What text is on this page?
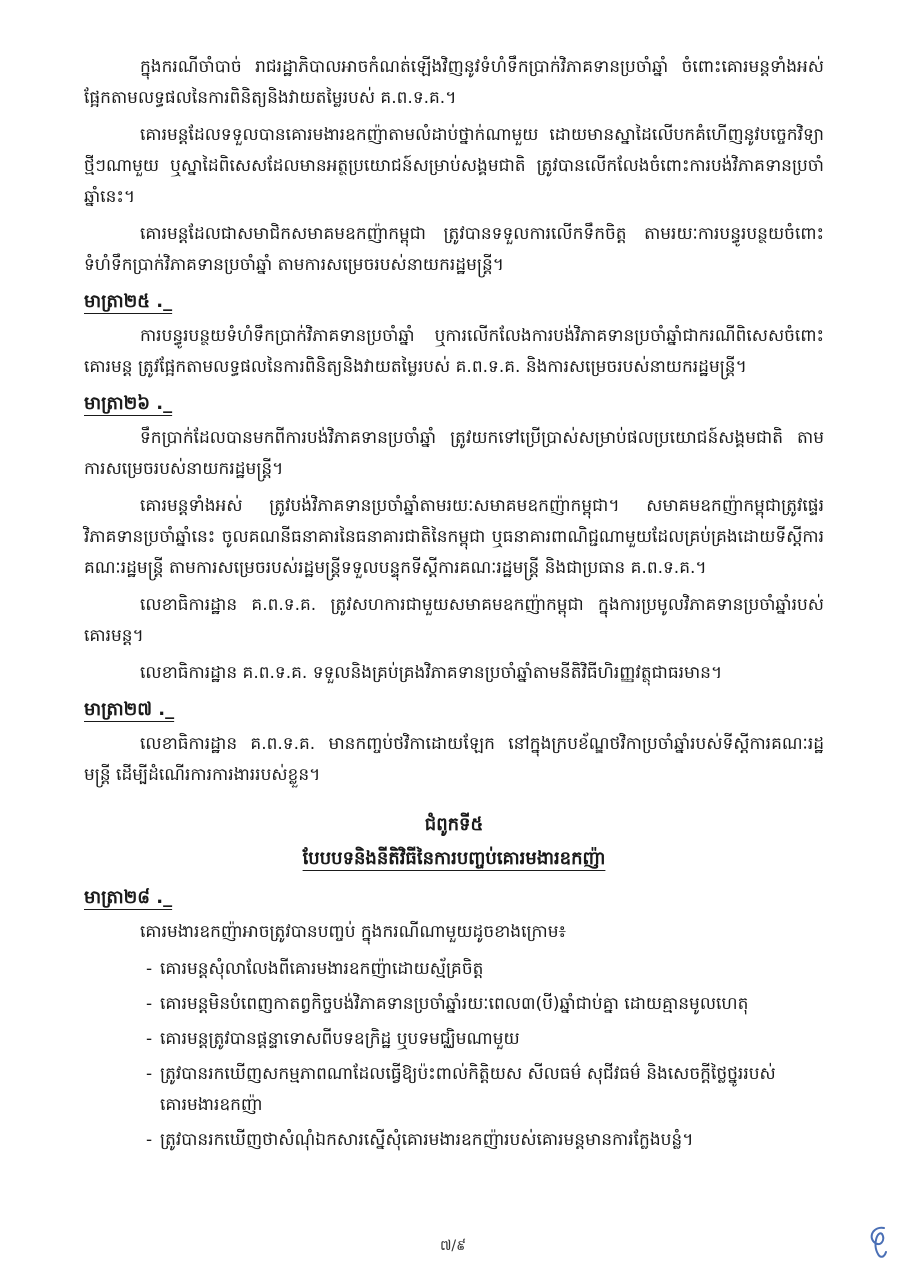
ក្នុងករណីចាំបាច់ រាជរដ្ឋាភិបាលអាចកំណត់ឡើងវិញនូវទំហំទឹកប្រាក់វិភាគទានប្រចាំឆ្នាំ ចំពោះគោរមន្តទាំងអស់ ផ្អែកតាមលទ្ធផលនៃការពិនិត្យនិងវាយតម្លៃរបស់ គ.ព.ទ.គ.។

គោរមន្តដែលទទួលបានគោរមងារឧកញ៉ាតាមលំដាប់ថ្នាក់ណាមួយ ដោយមានស្នាដៃលើបកគំហើញនូវបច្ចេកវិទ្យាថ្មីៗណាមួយ ឬស្នាដៃពិសេសដែលមានអត្ថប្រយោជន៍សម្រាប់សង្គមជាតិ ត្រូវបានលើកលែងចំពោះការបង់វិភាគទានប្រចាំឆ្នាំនេះ។

គោរមន្តដែលជាសមាជិកសមាគមឧកញ៉ាកម្ពុជា ត្រូវបានទទួលការលើកទឹកចិត្ត តាមរយៈការបន្ធូរបន្ថយចំពោះទំហំទឹកប្រាក់វិភាគទានប្រចាំឆ្នាំ តាមការសម្រេចរបស់នាយករដ្ឋមន្ត្រី។

មាត្រា២៥ ._

ការបន្ធូរបន្ថយទំហំទឹកប្រាក់វិភាគទានប្រចាំឆ្នាំ ឬការលើកលែងការបង់វិភាគទានប្រចាំឆ្នាំជាករណីពិសេសចំពោះគោរមន្ត ត្រូវផ្អែកតាមលទ្ធផលនៃការពិនិត្យនិងវាយតម្លៃរបស់ គ.ព.ទ.គ. និងការសម្រេចរបស់នាយករដ្ឋមន្ត្រី។

មាត្រា២៦ ._

ទឹកប្រាក់ដែលបានមកពីការបង់វិភាគទានប្រចាំឆ្នាំ ត្រូវយកទៅប្រើប្រាស់សម្រាប់ផលប្រយោជន៍សង្គមជាតិ តាមការសម្រេចរបស់នាយករដ្ឋមន្ត្រី។

គោរមន្តទាំងអស់ ត្រូវបង់វិភាគទានប្រចាំឆ្នាំតាមរយៈសមាគមឧកញ៉ាកម្ពុជា។ សមាគមឧកញ៉ាកម្ពុជាត្រូវផ្ទេរវិភាគទានប្រចាំឆ្នាំនេះ ចូលគណនីធនាគារនៃធនាគារជាតិនៃកម្ពុជា ឬធនាគារពាណិជ្ជណាមួយដែលគ្រប់គ្រងដោយទីស្តីការគណៈរដ្ឋមន្ត្រី តាមការសម្រេចរបស់រដ្ឋមន្ត្រីទទួលបន្ទុកទីស្តីការគណៈរដ្ឋមន្ត្រី និងជាប្រធាន គ.ព.ទ.គ.។

លេខាធិការដ្ឋាន គ.ព.ទ.គ. ត្រូវសហការជាមួយសមាគមឧកញ៉ាកម្ពុជា ក្នុងការប្រមូលវិភាគទានប្រចាំឆ្នាំរបស់គោរមន្ត។

លេខាធិការដ្ឋាន គ.ព.ទ.គ. ទទួលនិងគ្រប់គ្រងវិភាគទានប្រចាំឆ្នាំតាមនីតិវិធីហិរញ្ញវត្ថុជាធរមាន។

មាត្រា២៧ ._

លេខាធិការដ្ឋាន គ.ព.ទ.គ. មានកញ្ចប់ថវិកាដោយឡែក នៅក្នុងក្របខ័ណ្ឌថវិកាប្រចាំឆ្នាំរបស់ទីស្តីការគណៈរដ្ឋមន្ត្រី ដើម្បីដំណើរការការងាររបស់ខ្លួន។

ជំពូកទី៥
បែបបទនិងនីតិវិធីនៃការបញ្ចប់គោរមងារឧកញ៉ា
មាត្រា២៨ ._

គោរមងារឧកញ៉ាអាចត្រូវបានបញ្ចប់ ក្នុងករណីណាមួយដូចខាងក្រោម៖

- គោរមន្តសុំលាលែងពីគោរមងារឧកញ៉ាដោយស្ម័គ្រចិត្ត
- គោរមន្តមិនបំពេញកាតព្វកិច្ចបង់វិភាគទានប្រចាំឆ្នាំរយៈពេល៣(បី)ឆ្នាំជាប់គ្នា ដោយគ្មានមូលហេតុ
- គោរមន្តត្រូវបានផ្តន្ទាទោសពីបទឧក្រិដ្ឋ ឬបទមជ្ឈិមណាមួយ
- ត្រូវបានរកឃើញសកម្មភាពណាដែលធ្វើឱ្យប៉ះពាល់កិត្តិយស សីលធម៌ សុជីវធម៌ និងសេចក្តីថ្លៃថ្នូររបស់គោរមងារឧកញ៉ា
- ត្រូវបានរកឃើញថាសំណុំឯកសារស្នើសុំគោរមងារឧកញ៉ារបស់គោរមន្តមានការក្លែងបន្លំ។
៧/៩
